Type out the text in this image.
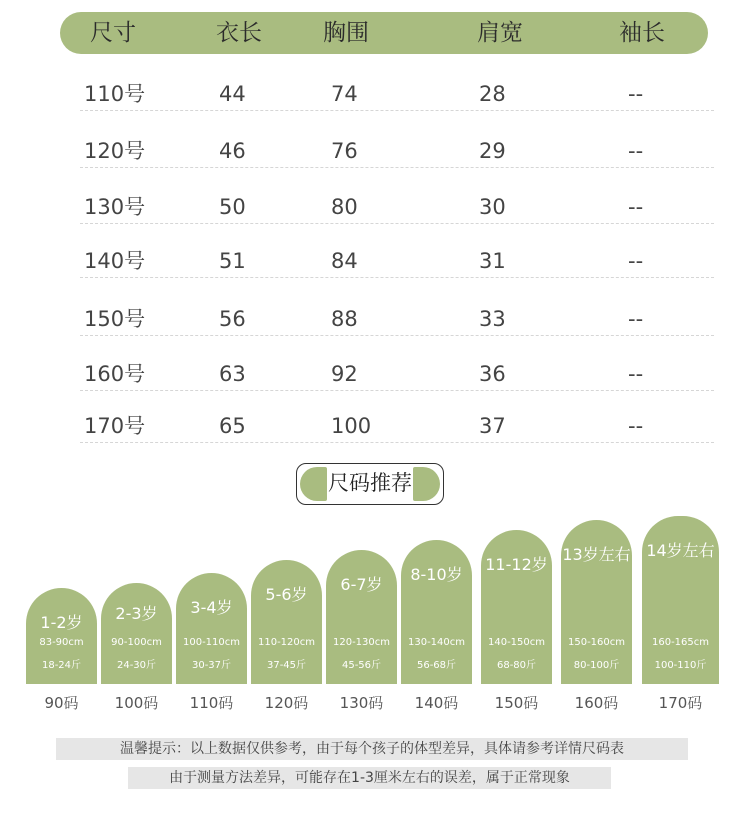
尺寸	衣长	胸围	肩宽	袖长
110号	44	74	28	--
120号	46	76	29	--
130号	50	80	30	--
140号	51	84	31	--
150号	56	88	33	--
160号	63	92	36	--
170号	65	100	37	--
尺码推荐
1-2岁
83-90cm
18-24斤
90码
2-3岁
90-100cm
24-30斤
100码
3-4岁
100-110cm
30-37斤
110码
5-6岁
110-120cm
37-45斤
120码
6-7岁
120-130cm
45-56斤
130码
8-10岁
130-140cm
56-68斤
140码
11-12岁
140-150cm
68-80斤
150码
13岁左右
150-160cm
80-100斤
160码
14岁左右
160-165cm
100-110斤
170码
温馨提示：以上数据仅供参考，由于每个孩子的体型差异，具体请参考详情尺码表
由于测量方法差异，可能存在1-3厘米左右的误差，属于正常现象
